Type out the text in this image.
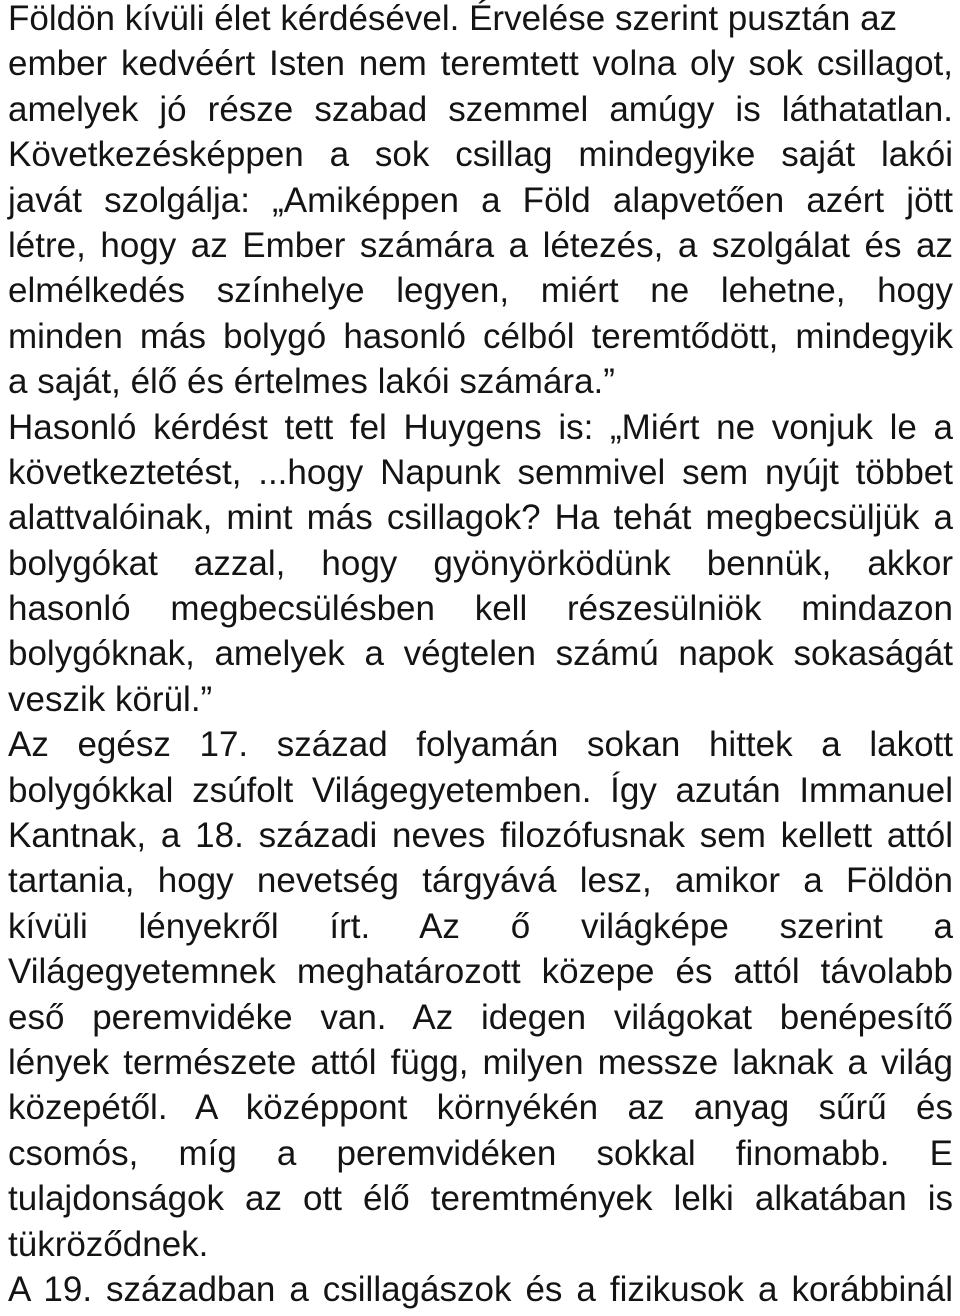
Földön kívüli élet kérdésével. Érvelése szerint pusztán az
ember kedvéért Isten nem teremtett volna oly sok csillagot,
amelyek jó része szabad szemmel amúgy is láthatatlan.
Következésképpen a sok csillag mindegyike saját lakói
javát szolgálja: „Amiképpen a Föld alapvetően azért jött
létre, hogy az Ember számára a létezés, a szolgálat és az
elmélkedés színhelye legyen, miért ne lehetne, hogy
minden más bolygó hasonló célból teremtődött, mindegyik
a saját, élő és értelmes lakói számára.”
Hasonló kérdést tett fel Huygens is: „Miért ne vonjuk le a
következtetést, ...hogy Napunk semmivel sem nyújt többet
alattvalóinak, mint más csillagok? Ha tehát megbecsüljük a
bolygókat azzal, hogy gyönyörködünk bennük, akkor
hasonló megbecsülésben kell részesülniök mindazon
bolygóknak, amelyek a végtelen számú napok sokaságát
veszik körül.”
Az egész 17. század folyamán sokan hittek a lakott
bolygókkal zsúfolt Világegyetemben. Így azután Immanuel
Kantnak, a 18. századi neves filozófusnak sem kellett attól
tartania, hogy nevetség tárgyává lesz, amikor a Földön
kívüli lényekről írt. Az ő világképe szerint a
Világegyetemnek meghatározott közepe és attól távolabb
eső peremvidéke van. Az idegen világokat benépesítő
lények természete attól függ, milyen messze laknak a világ
közepétől. A középpont környékén az anyag sűrű és
csomós, míg a peremvidéken sokkal finomabb. E
tulajdonságok az ott élő teremtmények lelki alkatában is
tükröződnek.
A 19. században a csillagászok és a fizikusok a korábbinál
